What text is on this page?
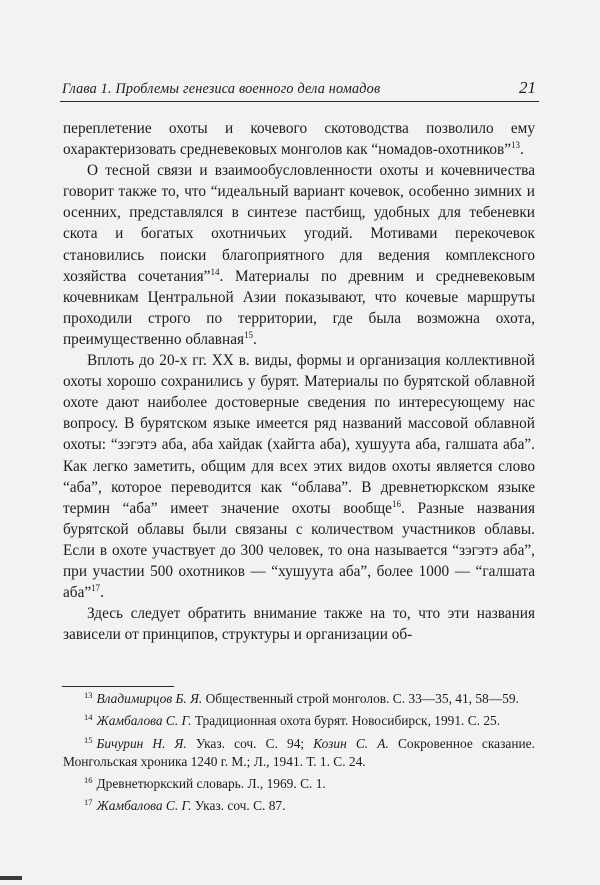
Глава 1. Проблемы генезиса военного дела номадов	21

переплетение охоты и кочевого скотоводства позволило ему охарактеризовать средневековых монголов как “номадов-охотников”$^{13}$.

О тесной связи и взаимообусловленности охоты и кочевничества говорит также то, что “идеальный вариант кочевок, особенно зимних и осенних, представлялся в синтезе пастбищ, удобных для тебеневки скота и богатых охотничьих угодий. Мотивами перекочевок становились поиски благоприятного для ведения комплексного хозяйства сочетания”$^{14}$. Материалы по древним и средневековым кочевникам Центральной Азии показывают, что кочевые маршруты проходили строго по территории, где была возможна охота, преимущественно облавная$^{15}$.

Вплоть до 20-х гг. XX в. виды, формы и организация коллективной охоты хорошо сохранились у бурят. Материалы по бурятской облавной охоте дают наиболее достоверные сведения по интересующему нас вопросу. В бурятском языке имеется ряд названий массовой облавной охоты: “зэгэтэ аба, аба хайдак (хайгта аба), хушуута аба, галшата аба”. Как легко заметить, общим для всех этих видов охоты является слово “аба”, которое переводится как “облава”. В древнетюркском языке термин “аба” имеет значение охоты вообще$^{16}$. Разные названия бурятской облавы были связаны с количеством участников облавы. Если в охоте участвует до 300 человек, то она называется “зэгэтэ аба”, при участии 500 охотников — “хушуута аба”, более 1000 — “галшата аба”$^{17}$.

Здесь следует обратить внимание также на то, что эти названия зависели от принципов, структуры и организации об-

$^{13}$ Владимирцов Б. Я. Общественный строй монголов. С. 33—35, 41, 58—59.

$^{14}$ Жамбалова С. Г. Традиционная охота бурят. Новосибирск, 1991. С. 25.

$^{15}$ Бичурин Н. Я. Указ. соч. С. 94; Козин С. А. Сокровенное сказание. Монгольская хроника 1240 г. М.; Л., 1941. Т. 1. С. 24.

$^{16}$ Древнетюркский словарь. Л., 1969. С. 1.

$^{17}$ Жамбалова С. Г. Указ. соч. С. 87.
